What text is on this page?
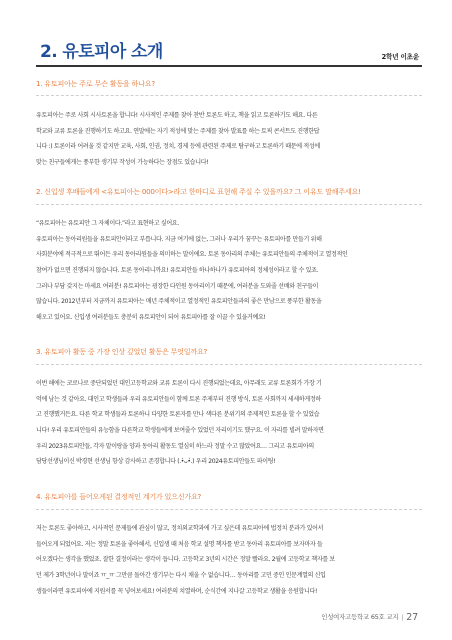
2. 유토피아 소개	2학년 이초윤
1. 유토피아는 주로 무슨 활동을 하나요?
유토피아는 주로 사회 시사토론을 합니다! 시사적인 주제를 찾아 찬반 토론도 하고, 책을 읽고 토론하기도 해요. 다른
학교와 교류 토론을 진행하기도 하고요. 연말에는 자기 적성에 맞는 주제를 찾아 발표를 하는 토픽 콘서트도 진행한답
니다 :) 토론이라 어려울 것 같지만 교육, 사회, 인권, 정치, 경제 등에 관련된 주제로 탐구하고 토론하기 때문에 적성에
맞는 친구들에게는 풍부한 생기부 작성이 가능하다는 장점도 있습니다!
2. 신입생 후배들에게 <유토피아는 000이다>라고 한마디로 표현해 주실 수 있을까요? 그 이유도 말해주세요!
“유토피아는 유토피안 그 자체이다.”라고 표현하고 싶어요.
유토피아는 동아리원들을 유토피안이라고 부릅니다. 지금 여기에 없는, 그러나 우리가 꿈꾸는 유토피아를 만들기 위해
사회분야에 적극적으로 뛰어든 우리 동아리원들을 의미하는 말이에요. 토론 동아리의 주체는 유토피안들의 주체적이고 열정적인
참여가 없으면 진행되지 않습니다. 토론 동아리니까요! 유토피안들 하나하나가 유토피아의 정체성이라고 할 수 있죠.
그러나 부담 갖지는 마세요 여러분! 유토피아는 굉장한 다인원 동아리이기 때문에, 여러분을 도와줄 선배와 친구들이
많습니다. 2012년부터 지금까지 유토피아는 매년 주체적이고 열정적인 유토피안들과의 좋은 만남으로 풍부한 활동을
해오고 있어요. 신입생 여러분들도 충분히 유토피안이 되어 유토피아를 잘 이끌 수 있을거예요!
3. 유토피아 활동 중 가장 인상 깊었던 활동은 무엇일까요?
이번 해에는 코로나로 중단되었던 대인고등학교와 교류 토론이 다시 진행되었는데요, 아무래도 교류 토론회가 가장 기
억에 남는 것 같아요. 대인고 학생들과 우리 유토피안들이 함께 토론 주제부터 진행 방식, 토론 사회까지 세세하게정하
고 진행했거든요. 다른 학교 학생들과 토론하니 다양한 토론자를 만나 색다른 분위기의 주제적인 토론을 할 수 있었습
니다! 우리 유토피안들의 유능함을 다른학교 학생들에게 보여줄수 있었던 자리이기도 했구요. 이 자리를 빌려 말하자면
우리 2023유토피안들, 각자 맡이랑을 양과 동아리 활동도 열심히 하느라 정말 수고 많았어요… 그리고 유토피아의
담당선생님이신 박경현 선생님 항상 감사하고 존경합니다 (.•̀ᴗ•́.) 우리 2024유토피안들도 파이팅!
4. 유토피아를 들어오게된 결정적인 계기가 있으신가요?
저는 토론도 좋아하고, 시사적인 문제들에 관심이 많고, 정치외교학과에 가고 싶은데 유토피아에 법정치 분과가 있어서
들어오게 되었어요. 저는 정말 토론을 좋아해서, 신입생 때 처음 학교 설명 책자를 받고 동아리 유토피아를 보자마자 들
어오겠다는 생각을 했었죠. 잘한 결정이라는 생각이 듭니다. 고등학교 3년의 시간은 정말 빨라요. 2월에 고등학교 책자를 보
던 제가 3학년이나 말이죠 ㅠ_ㅠ 그만큼 돌아간 생기부는 다시 채울 수 없습니다… 동아리를 고민 중인 인문계열의 신입
생들이라면 유토피아에 지원서를 꼭 넣어보세요! 여러분의 치열하며, 순식간에 지나갈 고등학교 생활을 응원합니다!
인성여자고등학교 65호 교지 | 27
